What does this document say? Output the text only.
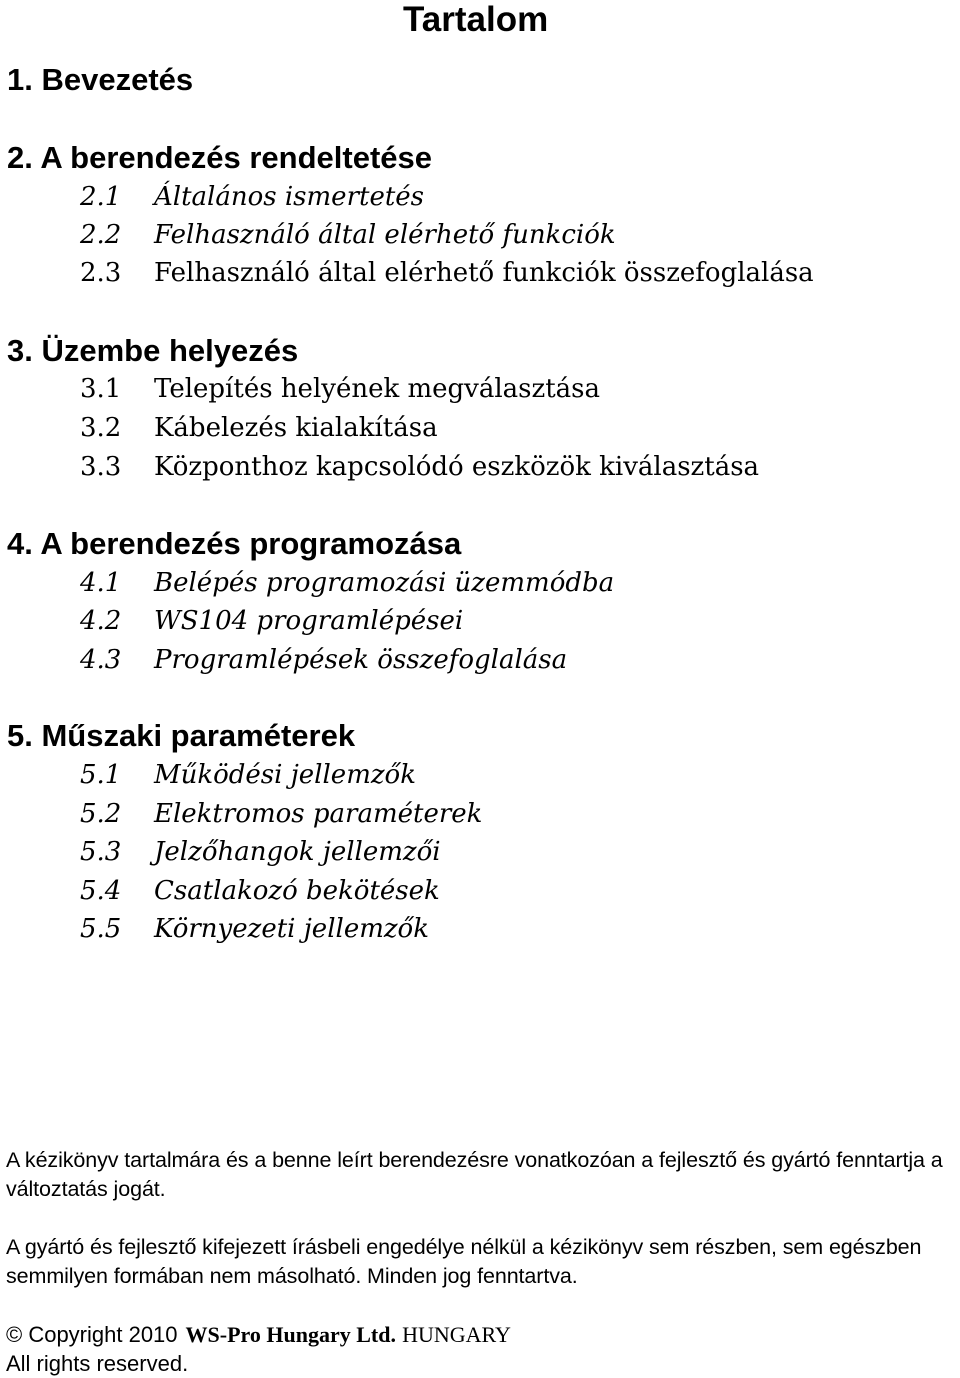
Tartalom
1. Bevezetés
2. A berendezés rendeltetése
2.1 Általános ismertetés
2.2 Felhasználó által elérhető funkciók
2.3 Felhasználó által elérhető funkciók összefoglalása
3. Üzembe helyezés
3.1 Telepítés helyének megválasztása
3.2 Kábelezés kialakítása
3.3 Központhoz kapcsolódó eszközök kiválasztása
4. A berendezés programozása
4.1 Belépés programozási üzemmódba
4.2 WS104 programlépései
4.3 Programlépések összefoglalása
5. Műszaki paraméterek
5.1 Működési jellemzők
5.2 Elektromos paraméterek
5.3 Jelzőhangok jellemzői
5.4 Csatlakozó bekötések
5.5 Környezeti jellemzők

A kézikönyv tartalmára és a benne leírt berendezésre vonatkozóan a fejlesztő és gyártó fenntartja a változtatás jogát.

A gyártó és fejlesztő kifejezett írásbeli engedélye nélkül a kézikönyv sem részben, sem egészben semmilyen formában nem másolható. Minden jog fenntartva.

© Copyright 2010 WS-Pro Hungary Ltd. HUNGARY
All rights reserved.
